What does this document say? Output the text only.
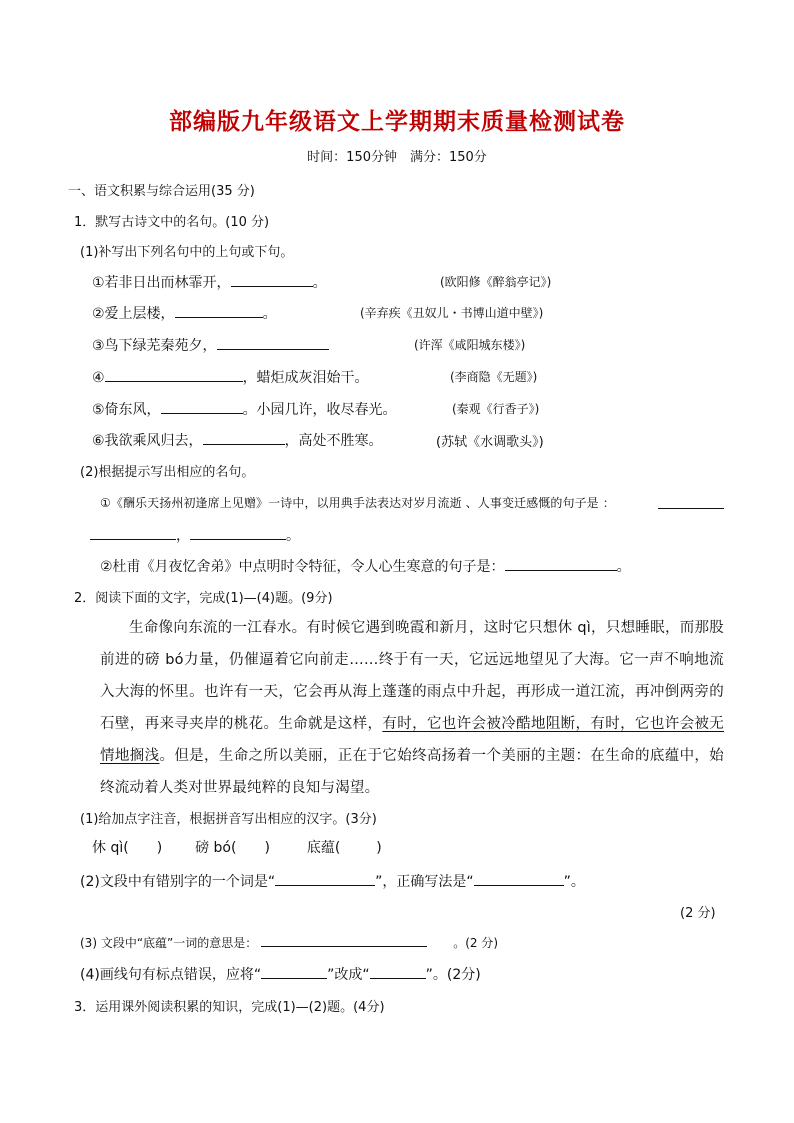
部编版九年级语文上学期期末质量检测试卷
时间：150分钟　满分：150分
一、语文积累与综合运用(35 分)
1．默写古诗文中的名句。(10 分)
(1)补写出下列名句中的上句或下句。
①若非日出而林霏开，	。	(欧阳修《醉翁亭记》)
②爱上层楼，	。	(辛弃疾《丑奴儿・书博山道中壁》)
③鸟下绿芜秦苑夕，	(许浑《咸阳城东楼》)
④	，蜡炬成灰泪始干。	(李商隐《无题》)
⑤倚东风，	。小园几许，收尽春光。	(秦观《行香子》)
⑥我欲乘风归去，	，高处不胜寒。	(苏轼《水调歌头》)
(2)根据提示写出相应的名句。
①《酬乐天扬州初逢席上见赠》一诗中，以用典手法表达对岁月流逝 、人事变迁感慨的句子是 ：
，	。
②杜甫《月夜忆舍弟》中点明时令特征，令人心生寒意的句子是：	。
2．阅读下面的文字，完成(1)—(4)题。(9分)
生命像向东流的一江春水。有时候它遇到晚霞和新月，这时它只想休 qì，只想睡眠，而那股前进的磅 bó力量，仍催逼着它向前走……终于有一天，它远远地望见了大海。它一声不响地流入大海的怀里。也许有一天，它会再从海上蓬蓬的雨点中升起，再形成一道江流，再冲倒两旁的石壁，再来寻夹岸的桃花。生命就是这样，有时，它也许会被冷酷地阻断，有时，它也许会被无情地搁浅。但是，生命之所以美丽，正在于它始终高扬着一个美丽的主题：在生命的底蕴中，始终流动着人类对世界最纯粹的良知与渴望。
(1)给加点字注音，根据拼音写出相应的汉字。(3分)
休 qì( ) 磅 bó( )	底蕴(	)
(2)文段中有错别字的一个词是“	”，正确写法是“	”。
(2 分)
(3) 文段中“底蕴”一词的意思是：	。(2 分)
(4)画线句有标点错误，应将“	”改成“	”。(2分)
3．运用课外阅读积累的知识，完成(1)—(2)题。(4分)
